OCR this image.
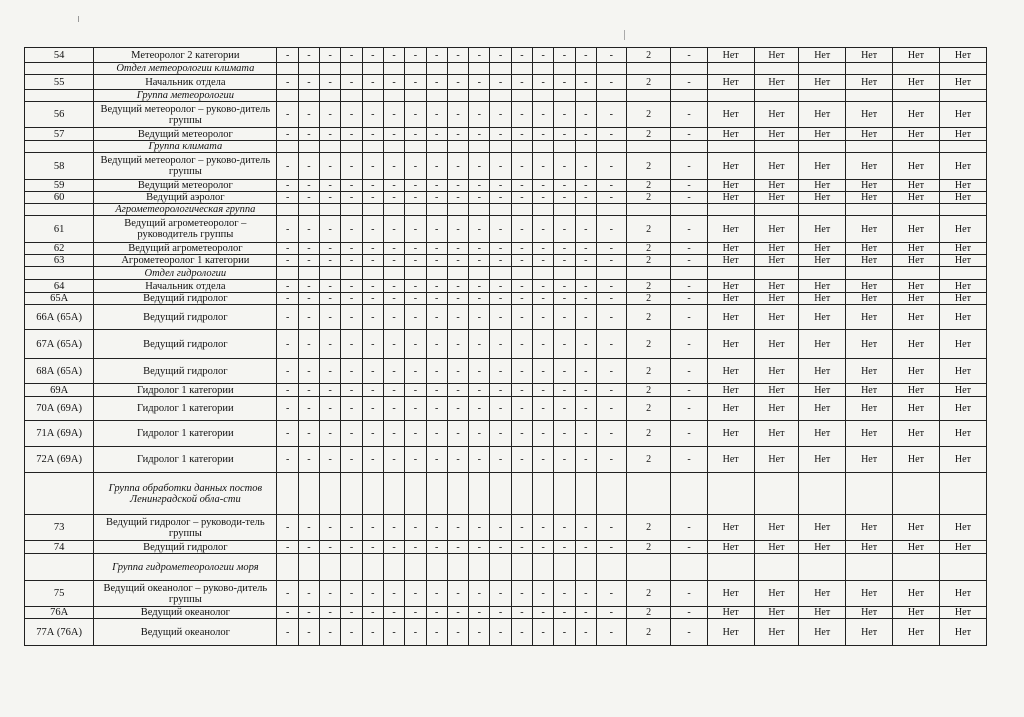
54	Метеоролог 2 категории	-	-	-	-	-	-	-	-	-	-	-	-	-	-	-	-	2	-	Нет	Нет	Нет	Нет	Нет	Нет
	Отдел метеорологии климата																								
55	Начальник отдела	-	-	-	-	-	-	-	-	-	-	-	-	-	-	-	-	2	-	Нет	Нет	Нет	Нет	Нет	Нет
	Группа метеорологии																								
56	Ведущий метеоролог – руково-дитель группы	-	-	-	-	-	-	-	-	-	-	-	-	-	-	-	-	2	-	Нет	Нет	Нет	Нет	Нет	Нет
57	Ведущий метеоролог	-	-	-	-	-	-	-	-	-	-	-	-	-	-	-	-	2	-	Нет	Нет	Нет	Нет	Нет	Нет
	Группа климата																								
58	Ведущий метеоролог – руково-дитель группы	-	-	-	-	-	-	-	-	-	-	-	-	-	-	-	-	2	-	Нет	Нет	Нет	Нет	Нет	Нет
59	Ведущий метеоролог	-	-	-	-	-	-	-	-	-	-	-	-	-	-	-	-	2	-	Нет	Нет	Нет	Нет	Нет	Нет
60	Ведущий аэролог	-	-	-	-	-	-	-	-	-	-	-	-	-	-	-	-	2	-	Нет	Нет	Нет	Нет	Нет	Нет
	Агрометеорологическая группа																								
61	Ведущий агрометеоролог – руководитель группы	-	-	-	-	-	-	-	-	-	-	-	-	-	-	-	-	2	-	Нет	Нет	Нет	Нет	Нет	Нет
62	Ведущий агрометеоролог	-	-	-	-	-	-	-	-	-	-	-	-	-	-	-	-	2	-	Нет	Нет	Нет	Нет	Нет	Нет
63	Агрометеоролог 1 категории	-	-	-	-	-	-	-	-	-	-	-	-	-	-	-	-	2	-	Нет	Нет	Нет	Нет	Нет	Нет
	Отдел гидрологии																								
64	Начальник отдела	-	-	-	-	-	-	-	-	-	-	-	-	-	-	-	-	2	-	Нет	Нет	Нет	Нет	Нет	Нет
65А	Ведущий гидролог	-	-	-	-	-	-	-	-	-	-	-	-	-	-	-	-	2	-	Нет	Нет	Нет	Нет	Нет	Нет
66А (65А)	Ведущий гидролог	-	-	-	-	-	-	-	-	-	-	-	-	-	-	-	-	2	-	Нет	Нет	Нет	Нет	Нет	Нет
67А (65А)	Ведущий гидролог	-	-	-	-	-	-	-	-	-	-	-	-	-	-	-	-	2	-	Нет	Нет	Нет	Нет	Нет	Нет
68А (65А)	Ведущий гидролог	-	-	-	-	-	-	-	-	-	-	-	-	-	-	-	-	2	-	Нет	Нет	Нет	Нет	Нет	Нет
69А	Гидролог 1 категории	-	-	-	-	-	-	-	-	-	-	-	-	-	-	-	-	2	-	Нет	Нет	Нет	Нет	Нет	Нет
70А (69А)	Гидролог 1 категории	-	-	-	-	-	-	-	-	-	-	-	-	-	-	-	-	2	-	Нет	Нет	Нет	Нет	Нет	Нет
71А (69А)	Гидролог 1 категории	-	-	-	-	-	-	-	-	-	-	-	-	-	-	-	-	2	-	Нет	Нет	Нет	Нет	Нет	Нет
72А (69А)	Гидролог 1 категории	-	-	-	-	-	-	-	-	-	-	-	-	-	-	-	-	2	-	Нет	Нет	Нет	Нет	Нет	Нет
	Группа обработки данных постов Ленинградской обла-сти																								
73	Ведущий гидролог – руководи-тель группы	-	-	-	-	-	-	-	-	-	-	-	-	-	-	-	-	2	-	Нет	Нет	Нет	Нет	Нет	Нет
74	Ведущий гидролог	-	-	-	-	-	-	-	-	-	-	-	-	-	-	-	-	2	-	Нет	Нет	Нет	Нет	Нет	Нет
	Группа гидрометеорологии моря																								
75	Ведущий океанолог – руково-дитель группы	-	-	-	-	-	-	-	-	-	-	-	-	-	-	-	-	2	-	Нет	Нет	Нет	Нет	Нет	Нет
76А	Ведущий океанолог	-	-	-	-	-	-	-	-	-	-	-	-	-	-	-	-	2	-	Нет	Нет	Нет	Нет	Нет	Нет
77А (76А)	Ведущий океанолог	-	-	-	-	-	-	-	-	-	-	-	-	-	-	-	-	2	-	Нет	Нет	Нет	Нет	Нет	Нет
